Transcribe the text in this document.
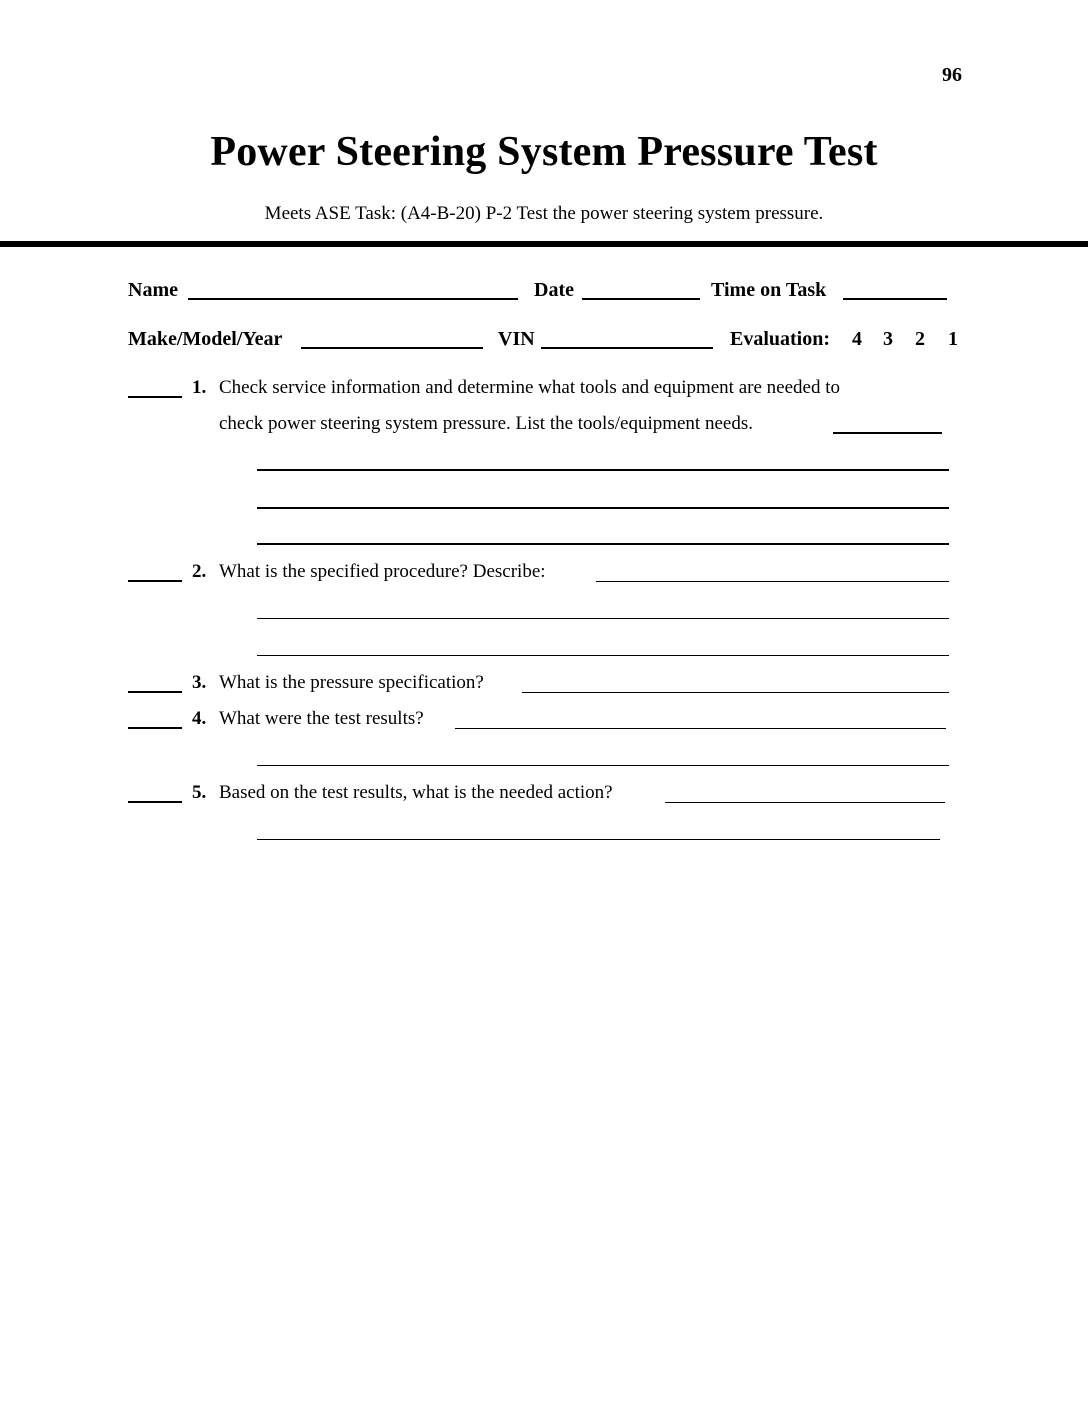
96
Power Steering System Pressure Test
Meets ASE Task: (A4-B-20) P-2 Test the power steering system pressure.
Name	Date	Time on Task
Make/Model/Year	VIN	Evaluation: 4 3 2 1
1. Check service information and determine what tools and equipment are needed to
check power steering system pressure. List the tools/equipment needs.
2. What is the specified procedure? Describe:
3. What is the pressure specification?
4. What were the test results?
5. Based on the test results, what is the needed action?
